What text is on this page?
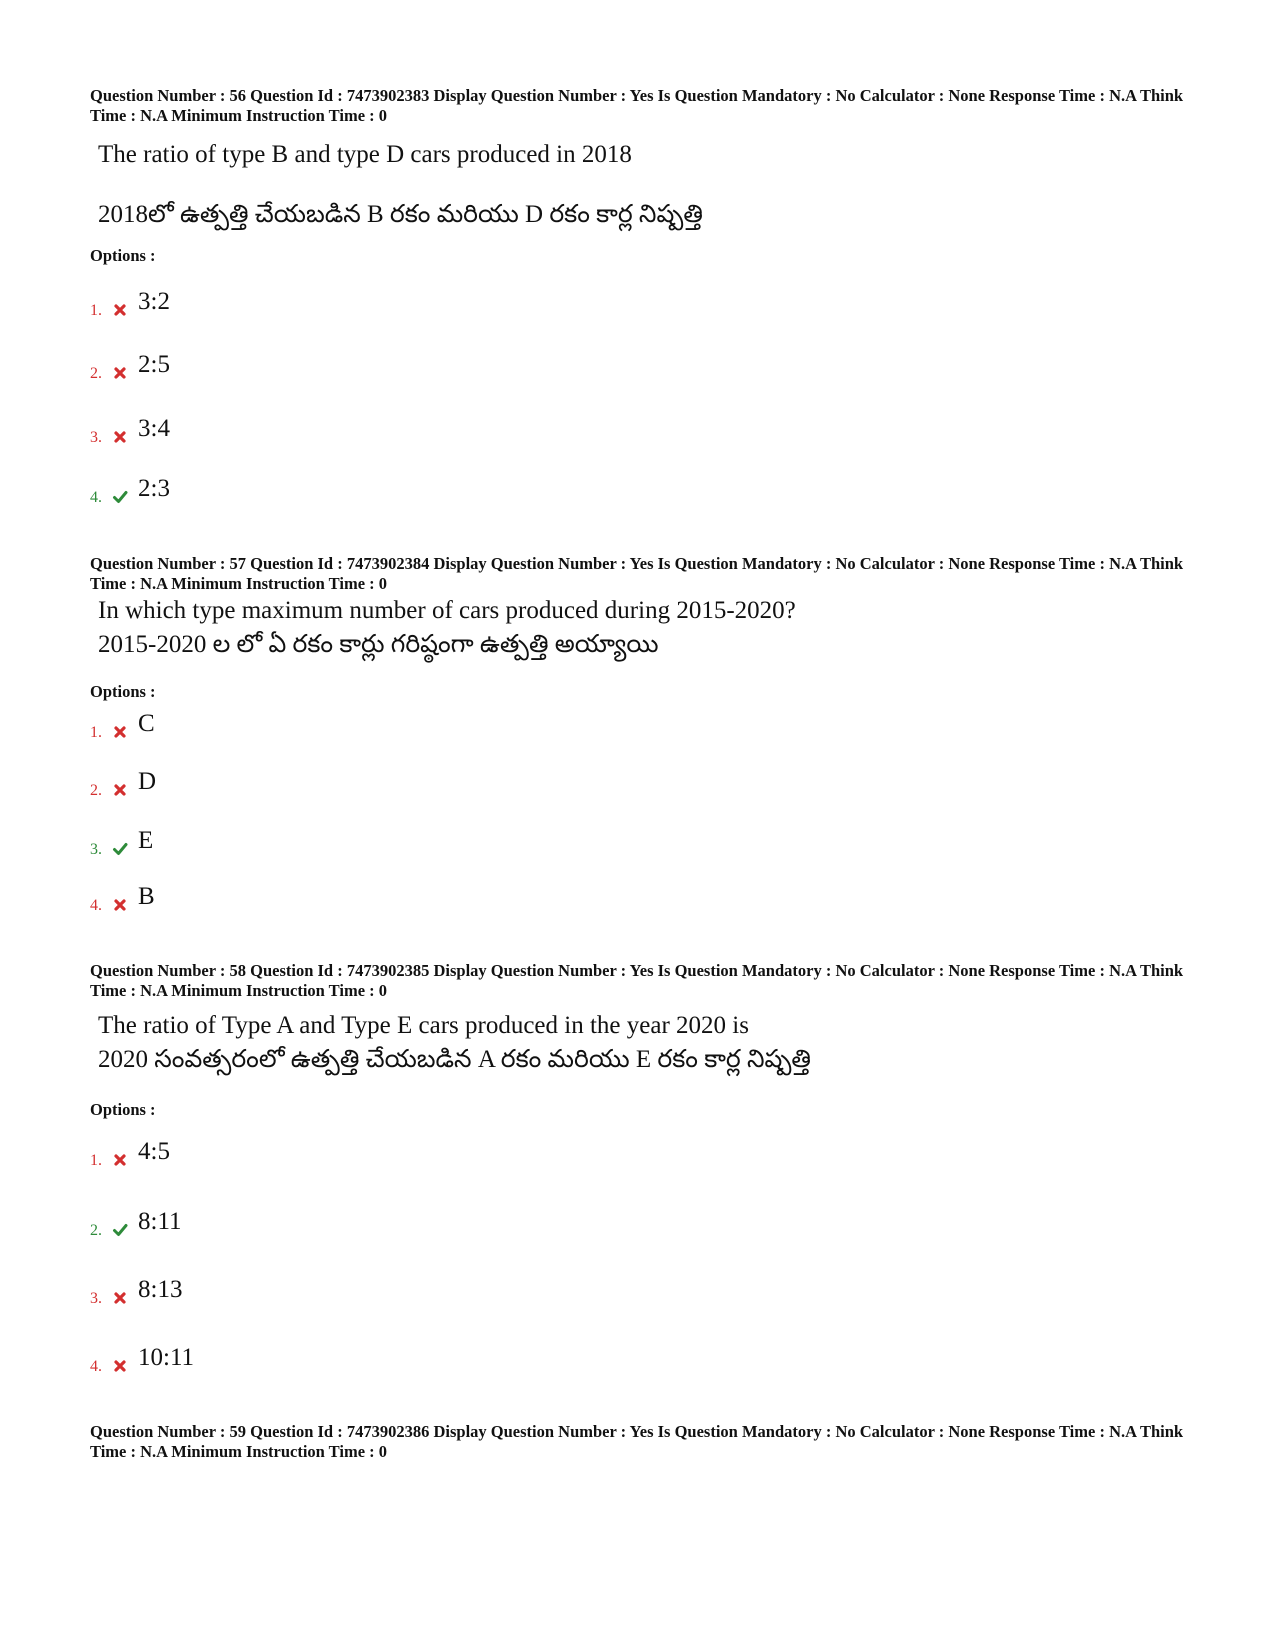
Question Number : 56 Question Id : 7473902383 Display Question Number : Yes Is Question Mandatory : No Calculator : None Response Time : N.A Think Time : N.A Minimum Instruction Time : 0
The ratio of type B and type D cars produced in 2018
2018లో ఉత్పత్తి చేయబడిన B రకం మరియు D రకం కార్ల నిష్పత్తి
Options :
1. 3:2
2. 2:5
3. 3:4
4. 2:3
Question Number : 57 Question Id : 7473902384 Display Question Number : Yes Is Question Mandatory : No Calculator : None Response Time : N.A Think Time : N.A Minimum Instruction Time : 0
In which type maximum number of cars produced during 2015-2020?
2015-2020 ల లో ఏ రకం కార్లు గరిష్ఠంగా ఉత్పత్తి అయ్యాయి
Options :
1. C
2. D
3. E
4. B
Question Number : 58 Question Id : 7473902385 Display Question Number : Yes Is Question Mandatory : No Calculator : None Response Time : N.A Think Time : N.A Minimum Instruction Time : 0
The ratio of Type A and Type E cars produced in the year 2020 is
2020 సంవత్సరంలో ఉత్పత్తి చేయబడిన A రకం మరియు E రకం కార్ల నిష్పత్తి
Options :
1. 4:5
2. 8:11
3. 8:13
4. 10:11
Question Number : 59 Question Id : 7473902386 Display Question Number : Yes Is Question Mandatory : No Calculator : None Response Time : N.A Think Time : N.A Minimum Instruction Time : 0
